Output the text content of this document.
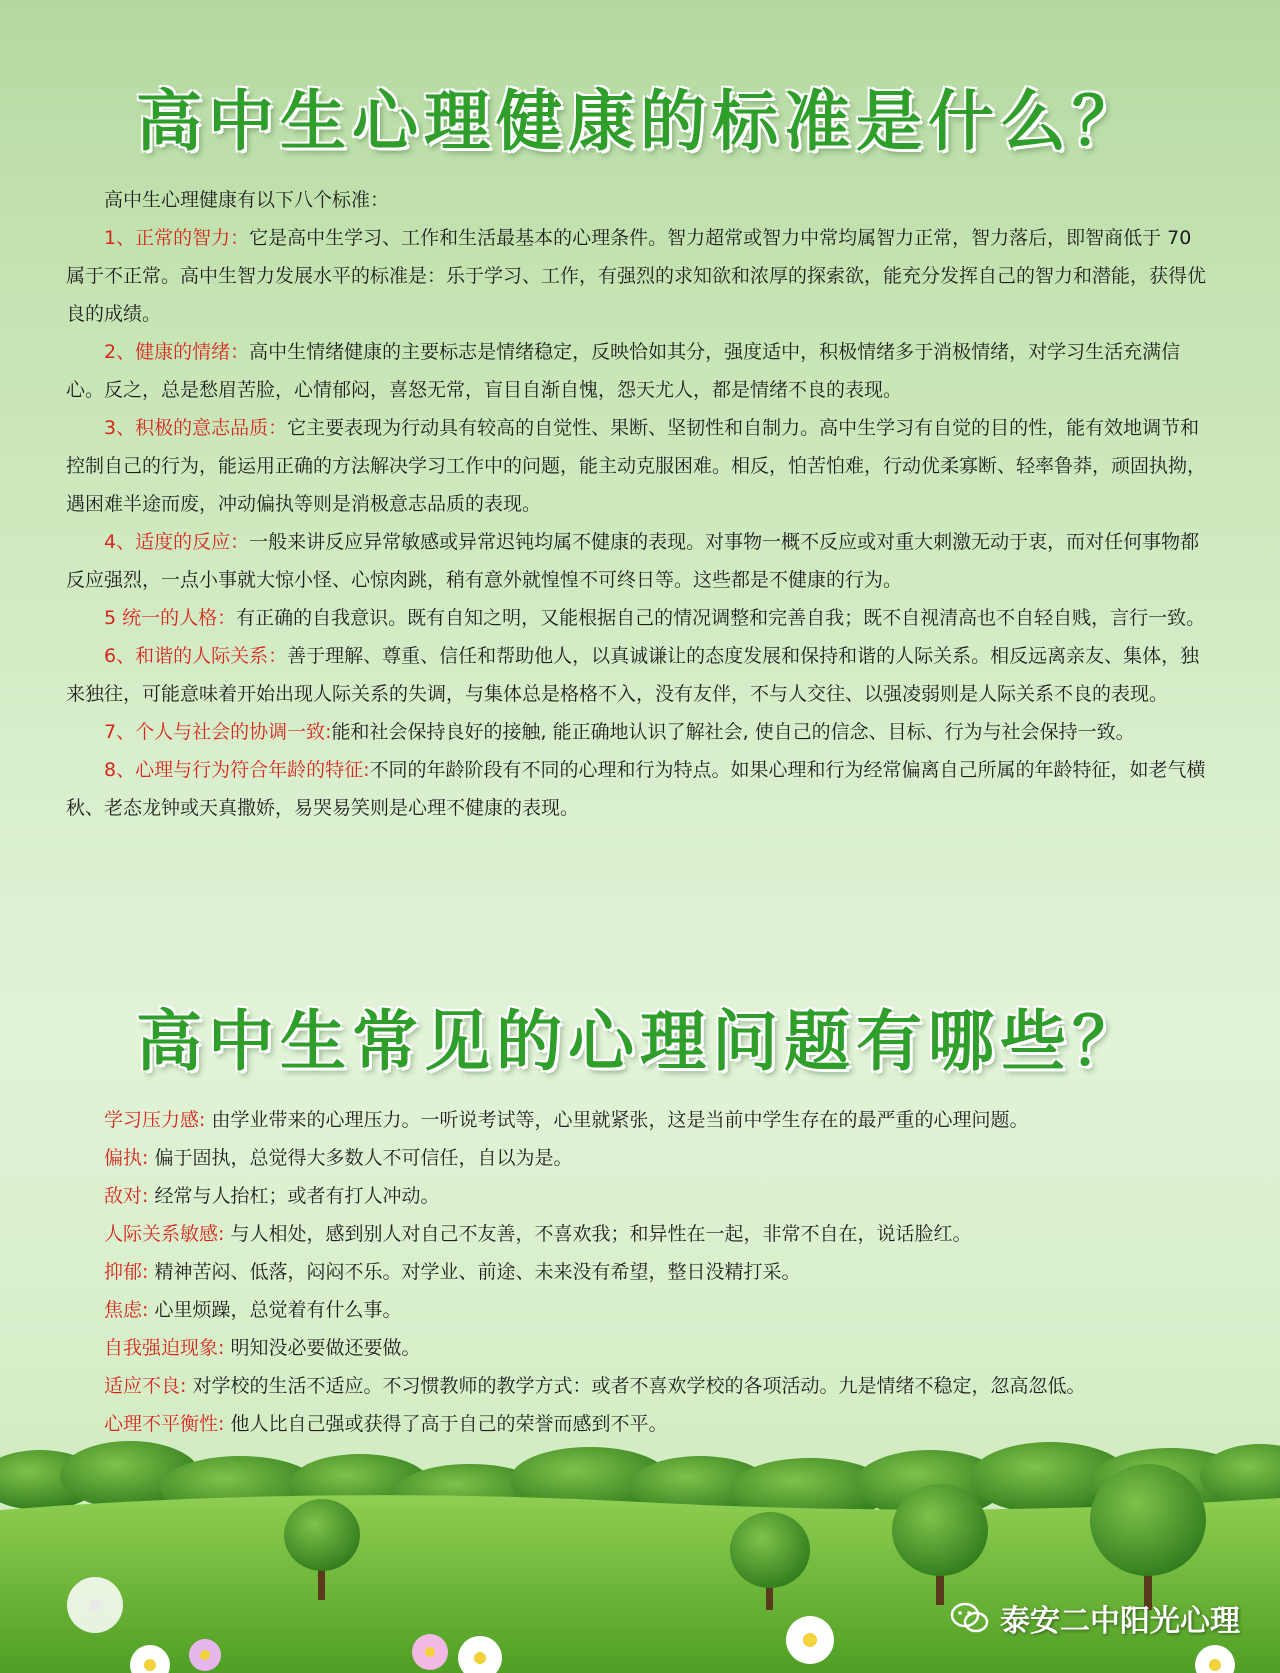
高中生心理健康的标准是什么？

高中生心理健康有以下八个标准：

1、正常的智力：它是高中生学习、工作和生活最基本的心理条件。智力超常或智力中常均属智力正常，智力落后，即智商低于 70 属于不正常。高中生智力发展水平的标准是：乐于学习、工作，有强烈的求知欲和浓厚的探索欲，能充分发挥自己的智力和潜能，获得优良的成绩。

2、健康的情绪：高中生情绪健康的主要标志是情绪稳定，反映恰如其分，强度适中，积极情绪多于消极情绪，对学习生活充满信心。反之，总是愁眉苦脸，心情郁闷，喜怒无常，盲目自渐自愧，怨天尤人，都是情绪不良的表现。

3、积极的意志品质：它主要表现为行动具有较高的自觉性、果断、坚韧性和自制力。高中生学习有自觉的目的性，能有效地调节和控制自己的行为，能运用正确的方法解决学习工作中的问题，能主动克服困难。相反，怕苦怕难，行动优柔寡断、轻率鲁莽，顽固执拗，遇困难半途而废，冲动偏执等则是消极意志品质的表现。

4、适度的反应：一般来讲反应异常敏感或异常迟钝均属不健康的表现。对事物一概不反应或对重大刺激无动于衷，而对任何事物都反应强烈，一点小事就大惊小怪、心惊肉跳，稍有意外就惶惶不可终日等。这些都是不健康的行为。

5 统一的人格：有正确的自我意识。既有自知之明，又能根据自己的情况调整和完善自我；既不自视清高也不自轻自贱，言行一致。

6、和谐的人际关系：善于理解、尊重、信任和帮助他人，以真诚谦让的态度发展和保持和谐的人际关系。相反远离亲友、集体，独来独往，可能意味着开始出现人际关系的失调，与集体总是格格不入，没有友伴，不与人交往、以强凌弱则是人际关系不良的表现。

7、个人与社会的协调一致:能和社会保持良好的接触, 能正确地认识了解社会, 使自己的信念、目标、行为与社会保持一致。

8、心理与行为符合年龄的特征:不同的年龄阶段有不同的心理和行为特点。如果心理和行为经常偏离自己所属的年龄特征，如老气横秋、老态龙钟或天真撒娇，易哭易笑则是心理不健康的表现。

高中生常见的心理问题有哪些？

学习压力感: 由学业带来的心理压力。一听说考试等，心里就紧张，这是当前中学生存在的最严重的心理问题。

偏执: 偏于固执，总觉得大多数人不可信任，自以为是。

敌对: 经常与人抬杠；或者有打人冲动。

人际关系敏感: 与人相处，感到别人对自己不友善，不喜欢我；和异性在一起，非常不自在，说话脸红。

抑郁: 精神苦闷、低落，闷闷不乐。对学业、前途、未来没有希望，整日没精打采。

焦虑: 心里烦躁，总觉着有什么事。

自我强迫现象: 明知没必要做还要做。

适应不良: 对学校的生活不适应。不习惯教师的教学方式：或者不喜欢学校的各项活动。九是情绪不稳定，忽高忽低。

心理不平衡性: 他人比自己强或获得了高于自己的荣誉而感到不平。

泰安二中阳光心理
